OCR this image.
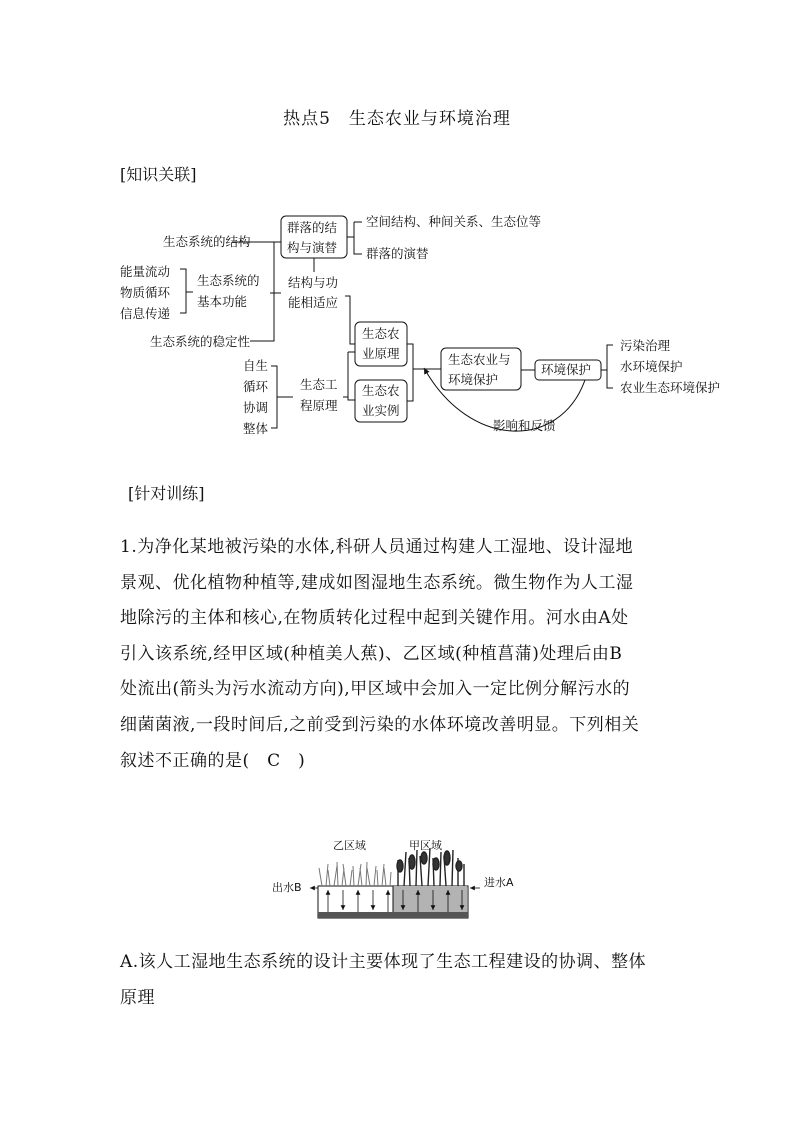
热点5　生态农业与环境治理
[知识关联]
生态系统的结构
能量流动
物质循环
信息传递
生态系统的
基本功能
生态系统的稳定性
群落的结
构与演替
空间结构、种间关系、生态位等
群落的演替
结构与功
能相适应
自生
循环
协调
整体
生态工
程原理
生态农
业原理
生态农
业实例
生态农业与
环境保护
环境保护
污染治理
水环境保护
农业生态环境保护
影响和反馈
[针对训练]
1.为净化某地被污染的水体,科研人员通过构建人工湿地、设计湿地
景观、优化植物种植等,建成如图湿地生态系统。微生物作为人工湿
地除污的主体和核心,在物质转化过程中起到关键作用。河水由A处
引入该系统,经甲区域(种植美人蕉)、乙区域(种植菖蒲)处理后由B
处流出(箭头为污水流动方向),甲区域中会加入一定比例分解污水的
细菌菌液,一段时间后,之前受到污染的水体环境改善明显。下列相关
叙述不正确的是(　C　)
乙区域	甲区域
出水B	进水A
A.该人工湿地生态系统的设计主要体现了生态工程建设的协调、整体
原理
